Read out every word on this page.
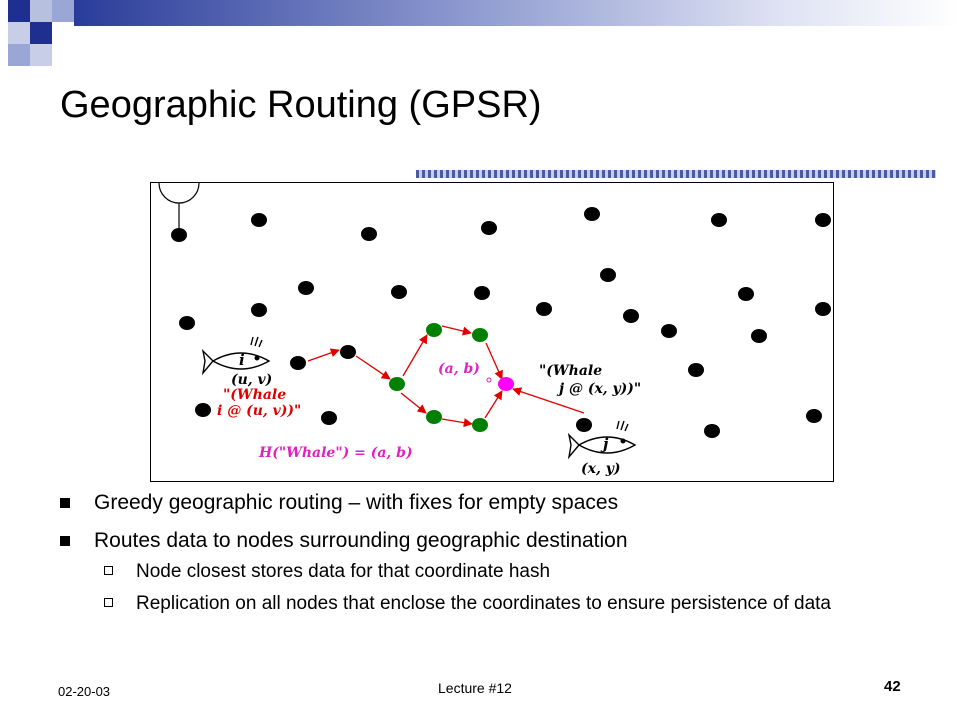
Geographic Routing (GPSR)
i
(u, v)
"(Whale
i @ (u, v))"
(a, b)	"(Whale
j @ (x, y))"
H("Whale") = (a, b)	j
(x, y)
Greedy geographic routing – with fixes for empty spaces
Routes data to nodes surrounding geographic destination
Node closest stores data for that coordinate hash
Replication on all nodes that enclose the coordinates to ensure persistence of data
02-20-03	Lecture #12	42
